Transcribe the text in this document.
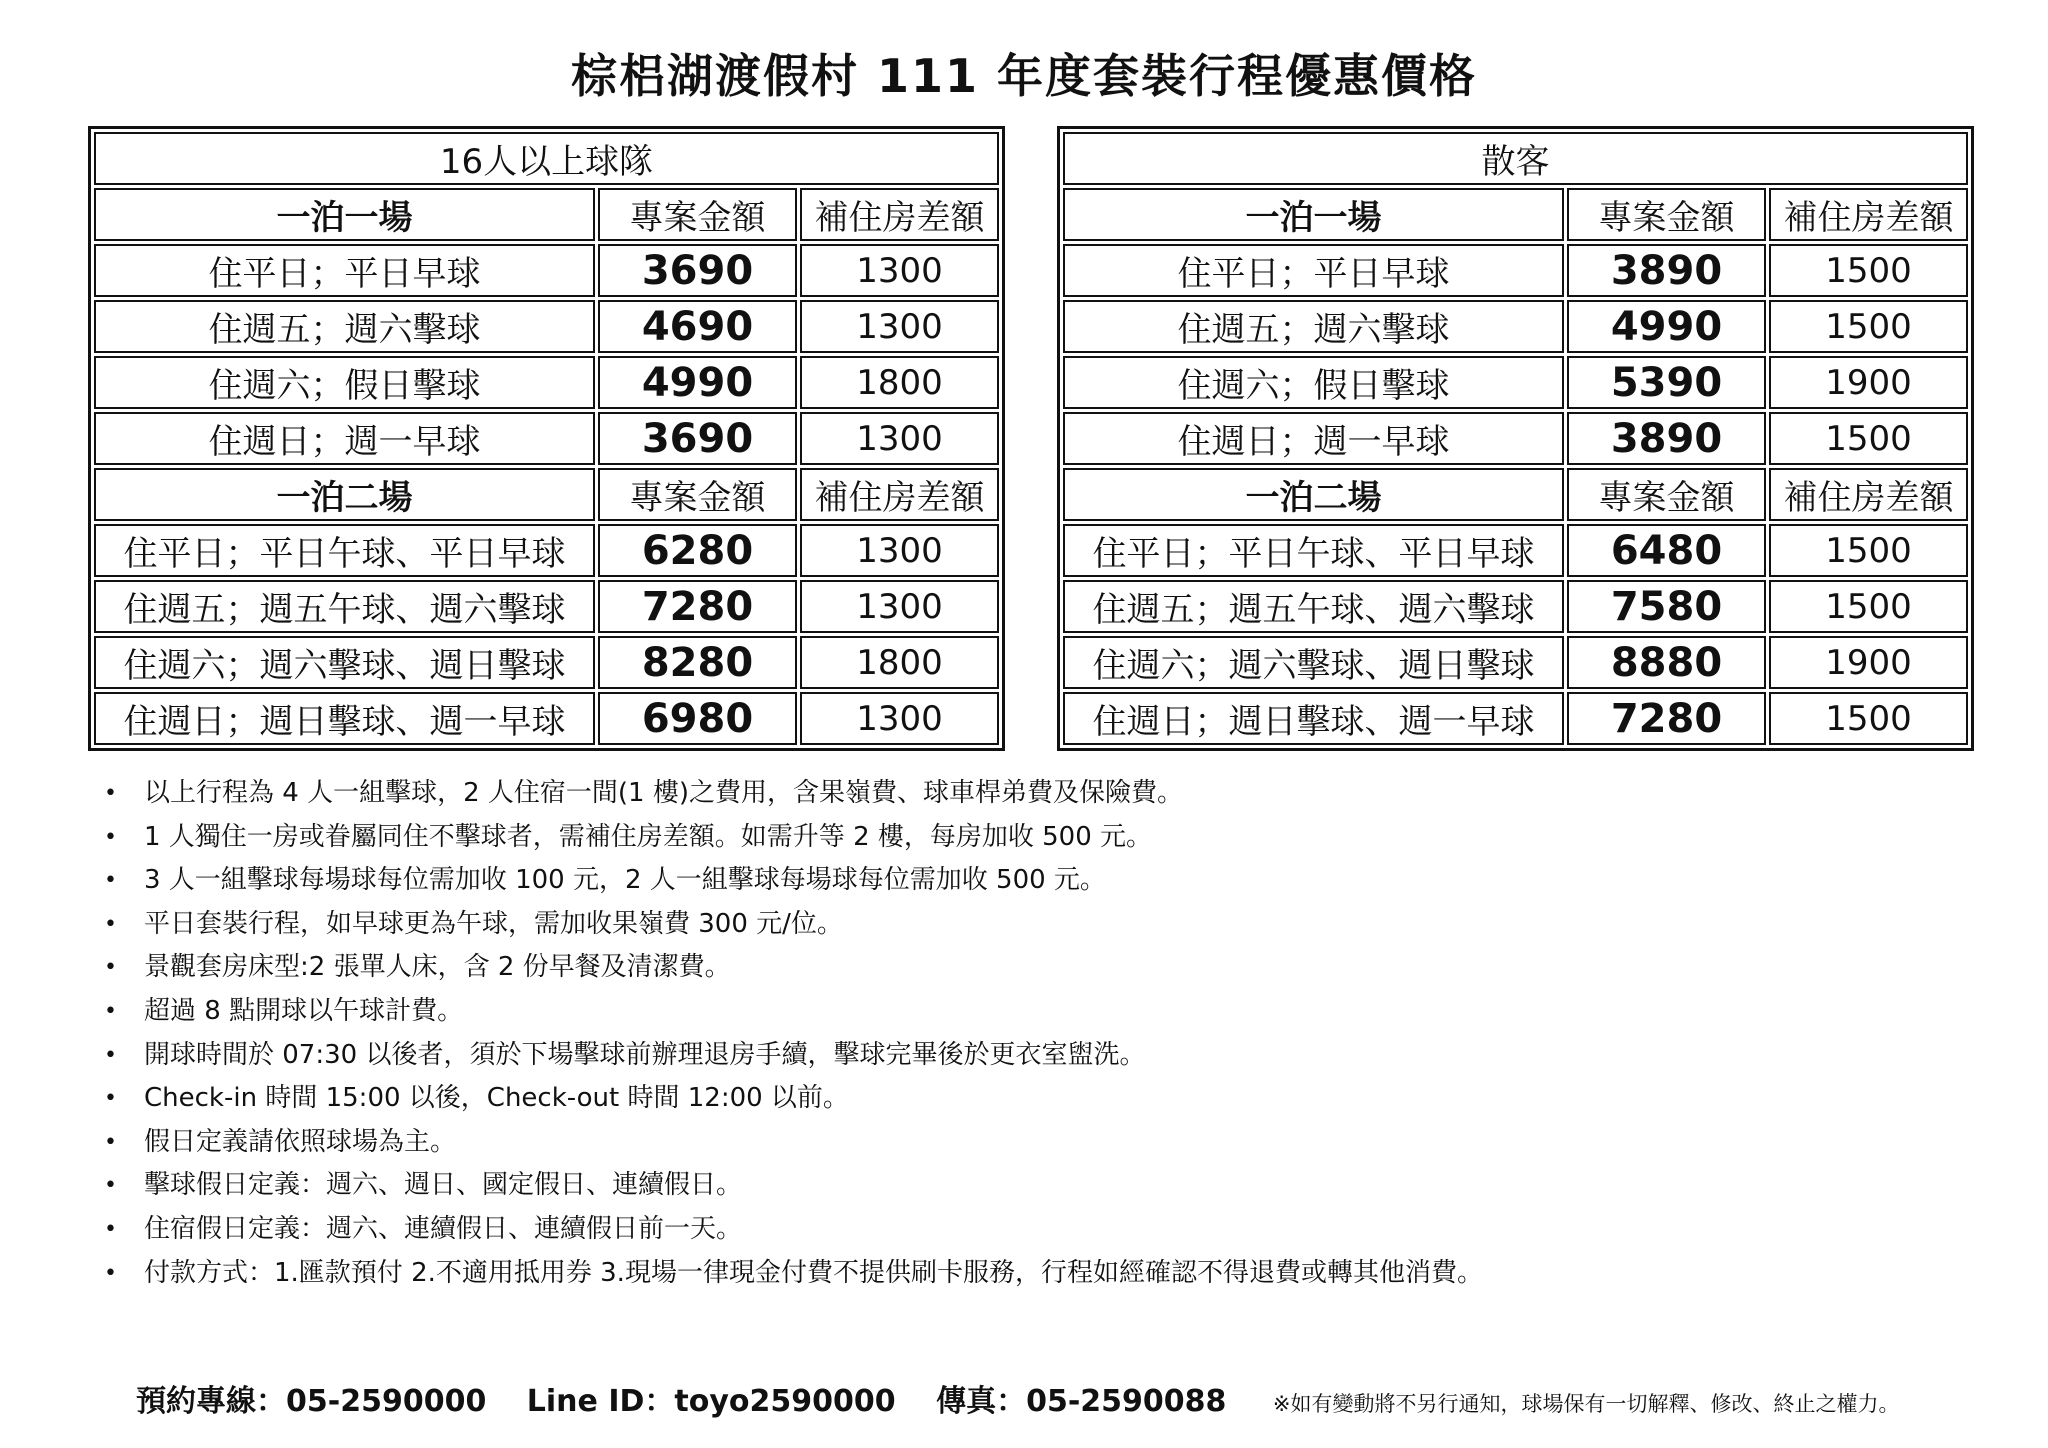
棕梠湖渡假村 111 年度套裝行程優惠價格
16人以上球隊		
一泊一場	專案金額	補住房差額
住平日；平日早球	3690	1300
住週五；週六擊球	4690	1300
住週六；假日擊球	4990	1800
住週日；週一早球	3690	1300
一泊二場	專案金額	補住房差額
住平日；平日午球、平日早球	6280	1300
住週五；週五午球、週六擊球	7280	1300
住週六；週六擊球、週日擊球	8280	1800
住週日；週日擊球、週一早球	6980	1300
散客		
一泊一場	專案金額	補住房差額
住平日；平日早球	3890	1500
住週五；週六擊球	4990	1500
住週六；假日擊球	5390	1900
住週日；週一早球	3890	1500
一泊二場	專案金額	補住房差額
住平日；平日午球、平日早球	6480	1500
住週五；週五午球、週六擊球	7580	1500
住週六；週六擊球、週日擊球	8880	1900
住週日；週日擊球、週一早球	7280	1500
• 以上行程為 4 人一組擊球，2 人住宿一間(1 樓)之費用，含果嶺費、球車桿弟費及保險費。
• 1 人獨住一房或眷屬同住不擊球者，需補住房差額。如需升等 2 樓，每房加收 500 元。
• 3 人一組擊球每場球每位需加收 100 元，2 人一組擊球每場球每位需加收 500 元。
• 平日套裝行程，如早球更為午球，需加收果嶺費 300 元/位。
• 景觀套房床型:2 張單人床，含 2 份早餐及清潔費。
• 超過 8 點開球以午球計費。
• 開球時間於 07:30 以後者，須於下場擊球前辦理退房手續，擊球完畢後於更衣室盥洗。
• Check-in 時間 15:00 以後，Check-out 時間 12:00 以前。
• 假日定義請依照球場為主。
• 擊球假日定義：週六、週日、國定假日、連續假日。
• 住宿假日定義：週六、連續假日、連續假日前一天。
• 付款方式：1.匯款預付 2.不適用抵用券 3.現場一律現金付費不提供刷卡服務，行程如經確認不得退費或轉其他消費。
預約專線：05-2590000 Line ID：toyo2590000 傳真：05-2590088 ※如有變動將不另行通知，球場保有一切解釋、修改、終止之權力。
